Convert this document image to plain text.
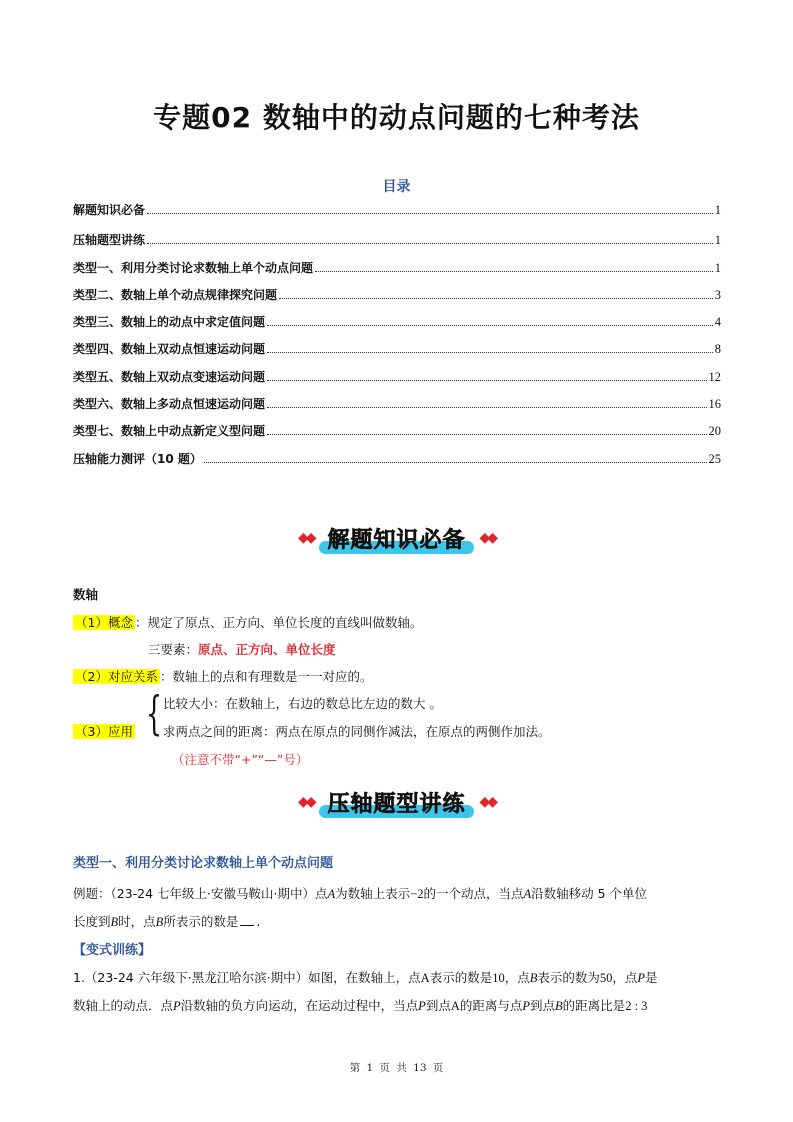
专题02 数轴中的动点问题的七种考法
目录
解题知识必备	1
压轴题型讲练	1
类型一、利用分类讨论求数轴上单个动点问题	1
类型二、数轴上单个动点规律探究问题	3
类型三、数轴上的动点中求定值问题	4
类型四、数轴上双动点恒速运动问题	8
类型五、数轴上双动点变速运动问题	12
类型六、数轴上多动点恒速运动问题	16
类型七、数轴上中动点新定义型问题	20
压轴能力测评（10 题）	25
◆◆ 解题知识必备	◆◆
数轴
（1）概念 ：规定了原点、正方向、单位长度的直线叫做数轴。
三要素：原点、正方向、单位长度
（2）对应关系 ：数轴上的点和有理数是一一对应的。
{ 比较大小：在数轴上，右边的数总比左边的数大 。
（3）应用 求两点之间的距离：两点在原点的同侧作减法，在原点的两侧作加法。
（注意不带“+”“—”号）
◆◆ 压轴题型讲练	◆◆
类型一、利用分类讨论求数轴上单个动点问题
例题：（23-24 七年级上·安徽马鞍山·期中）点A为数轴上表示−2的一个动点，当点A沿数轴移动 5 个单位
长度到B时，点B所表示的数是 .
【变式训练】
1.（23-24 六年级下·黑龙江哈尔滨·期中）如图，在数轴上，点A表示的数是10，点B表示的数为50，点P是
数轴上的动点．点P沿数轴的负方向运动，在运动过程中，当点P到点A的距离与点P到点B的距离比是2 : 3
第 1 页 共 13 页
